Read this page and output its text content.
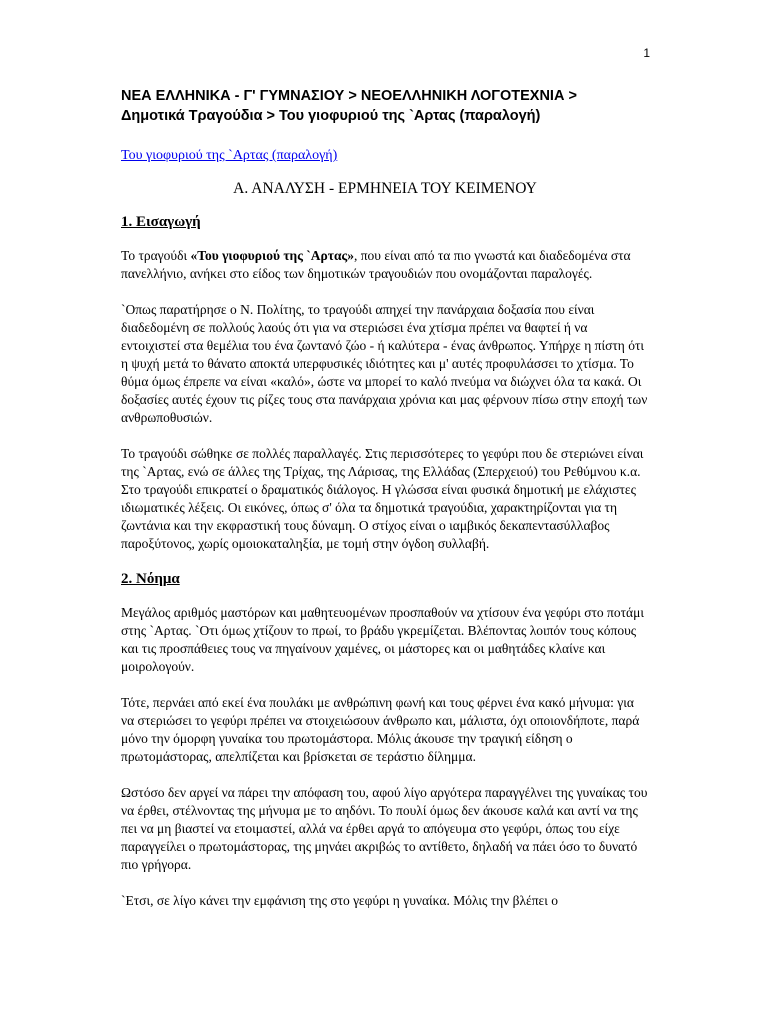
1
ΝΕΑ ΕΛΛΗΝΙΚΑ - Γ' ΓΥΜΝΑΣΙΟΥ > ΝΕΟΕΛΛΗΝΙΚΗ ΛΟΓΟΤΕΧΝΙΑ >
Δημοτικά Τραγούδια > Του γιοφυριού της `Αρτας (παραλογή)
Του γιοφυριού της `Αρτας (παραλογή)
Α. ΑΝΑΛΥΣΗ - ΕΡΜΗΝΕΙΑ ΤΟΥ ΚΕΙΜΕΝΟΥ
1. Εισαγωγή

Το τραγούδι «Του γιοφυριού της `Αρτας», που είναι από τα πιο γνωστά και διαδεδομένα στα πανελλήνιο, ανήκει στο είδος των δημοτικών τραγουδιών που ονομάζονται παραλογές.

`Οπως παρατήρησε ο Ν. Πολίτης, το τραγούδι απηχεί την πανάρχαια δοξασία που είναι διαδεδομένη σε πολλούς λαούς ότι για να στεριώσει ένα χτίσμα πρέπει να θαφτεί ή να εντοιχιστεί στα θεμέλια του ένα ζωντανό ζώο - ή καλύτερα - ένας άνθρωπος. Υπήρχε η πίστη ότι η ψυχή μετά το θάνατο αποκτά υπερφυσικές ιδιότητες και μ' αυτές προφυλάσσει το χτίσμα. Το θύμα όμως έπρεπε να είναι «καλό», ώστε να μπορεί το καλό πνεύμα να διώχνει όλα τα κακά. Οι δοξασίες αυτές έχουν τις ρίζες τους στα πανάρχαια χρόνια και μας φέρνουν πίσω στην εποχή των ανθρωποθυσιών.

Το τραγούδι σώθηκε σε πολλές παραλλαγές. Στις περισσότερες το γεφύρι που δε στεριώνει είναι της `Αρτας, ενώ σε άλλες της Τρίχας, της Λάρισας, της Ελλάδας (Σπερχειού) του Ρεθύμνου κ.α. Στο τραγούδι επικρατεί ο δραματικός διάλογος. Η γλώσσα είναι φυσικά δημοτική με ελάχιστες ιδιωματικές λέξεις. Οι εικόνες, όπως σ' όλα τα δημοτικά τραγούδια, χαρακτηρίζονται για τη ζωντάνια και την εκφραστική τους δύναμη. Ο στίχος είναι ο ιαμβικός δεκαπεντασύλλαβος παροξύτονος, χωρίς ομοιοκαταληξία, με τομή στην όγδοη συλλαβή.

2. Νόημα

Μεγάλος αριθμός μαστόρων και μαθητευομένων προσπαθούν να χτίσουν ένα γεφύρι στο ποτάμι στης `Αρτας. `Οτι όμως χτίζουν το πρωί, το βράδυ γκρεμίζεται. Βλέποντας λοιπόν τους κόπους και τις προσπάθειες τους να πηγαίνουν χαμένες, οι μάστορες και οι μαθητάδες κλαίνε και μοιρολογούν.

Τότε, περνάει από εκεί ένα πουλάκι με ανθρώπινη φωνή και τους φέρνει ένα κακό μήνυμα: για να στεριώσει το γεφύρι πρέπει να στοιχειώσουν άνθρωπο και, μάλιστα, όχι οποιονδήποτε, παρά μόνο την όμορφη γυναίκα του πρωτομάστορα. Μόλις άκουσε την τραγική είδηση ο πρωτομάστορας, απελπίζεται και βρίσκεται σε τεράστιο δίλημμα.

Ωστόσο δεν αργεί να πάρει την απόφαση του, αφού λίγο αργότερα παραγγέλνει της γυναίκας του να έρθει, στέλνοντας της μήνυμα με το αηδόνι. Το πουλί όμως δεν άκουσε καλά και αντί να της πει να μη βιαστεί να ετοιμαστεί, αλλά να έρθει αργά το απόγευμα στο γεφύρι, όπως του είχε παραγγείλει ο πρωτομάστορας, της μηνάει ακριβώς το αντίθετο, δηλαδή να πάει όσο το δυνατό πιο γρήγορα.

`Ετσι, σε λίγο κάνει την εμφάνιση της στο γεφύρι η γυναίκα. Μόλις την βλέπει ο
